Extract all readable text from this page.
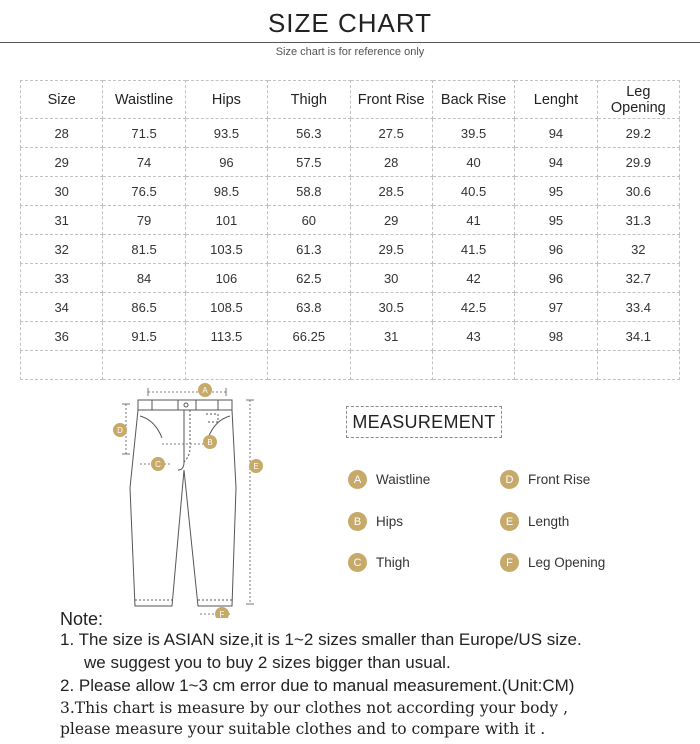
SIZE CHART
Size chart is for reference only
Size	Waistline	Hips	Thigh	Front Rise	Back Rise	Lenght	Leg Opening
28	71.5	93.5	56.3	27.5	39.5	94	29.2
29	74	96	57.5	28	40	94	29.9
30	76.5	98.5	58.8	28.5	40.5	95	30.6
31	79	101	60	29	41	95	31.3
32	81.5	103.5	61.3	29.5	41.5	96	32
33	84	106	62.5	30	42	96	32.7
34	86.5	108.5	63.8	30.5	42.5	97	33.4
36	91.5	113.5	66.25	31	43	98	34.1

A
B
C
D
E
F
MEASUREMENT
A	Waistline
B	Hips
C	Thigh
D	Front Rise
E	Length
F	Leg Opening
Note:
1. The size is ASIAN size,it is 1~2 sizes smaller than Europe/US size.
we suggest you to buy 2 sizes bigger than usual.
2. Please allow 1~3 cm error due to manual measurement.(Unit:CM)
3.This chart is measure by our clothes not according your body ,
please measure your suitable clothes and to compare with it .
